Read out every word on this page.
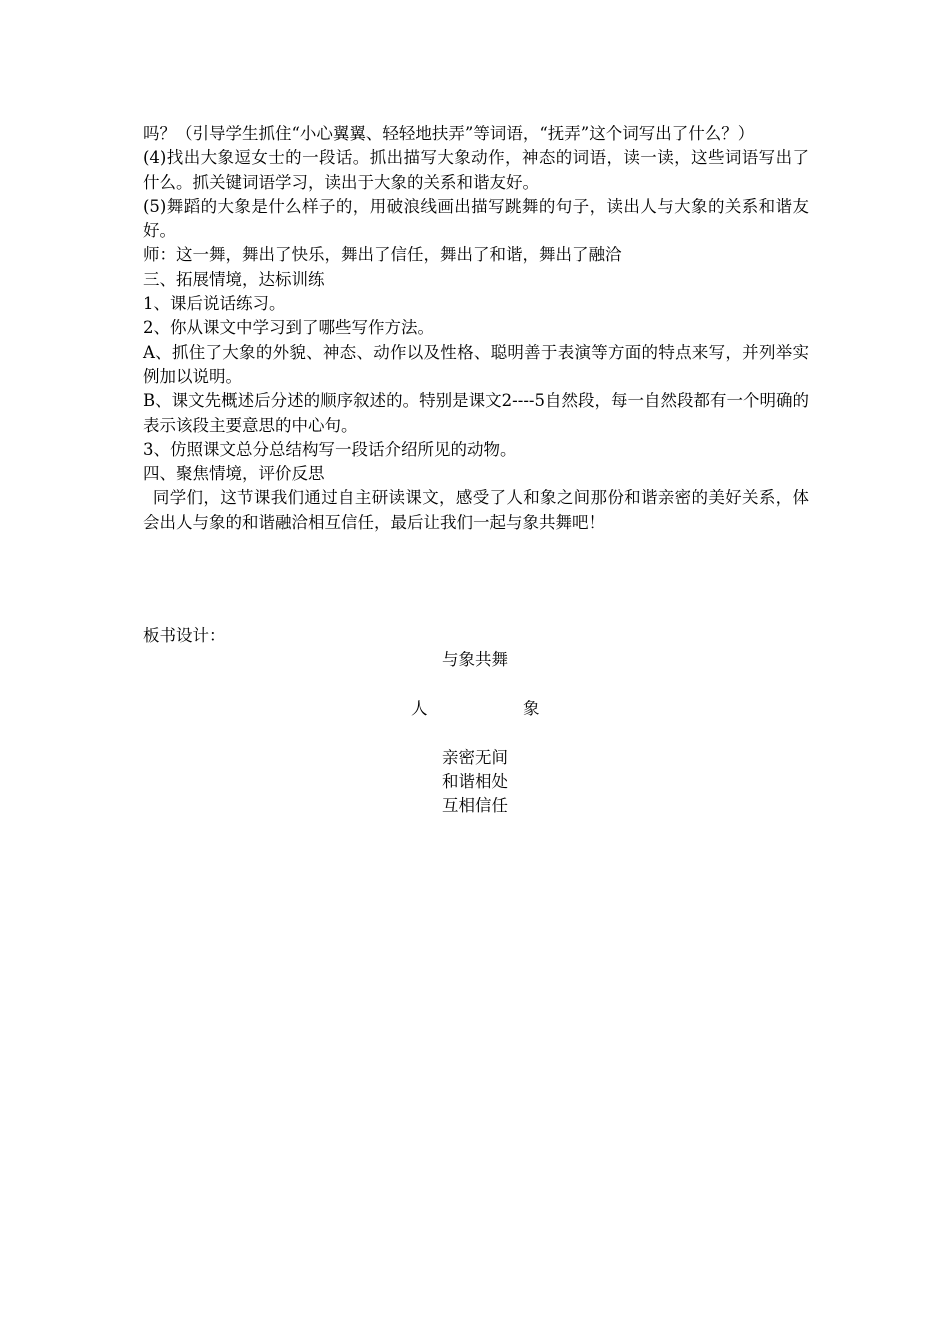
吗？（引导学生抓住“小心翼翼、轻轻地扶弄”等词语，“抚弄”这个词写出了什么？）

(4)找出大象逗女士的一段话。抓出描写大象动作，神态的词语，读一读，这些词语写出了什么。抓关键词语学习，读出于大象的关系和谐友好。

(5)舞蹈的大象是什么样子的，用破浪线画出描写跳舞的句子，读出人与大象的关系和谐友好。

师：这一舞，舞出了快乐，舞出了信任，舞出了和谐，舞出了融洽

三、拓展情境，达标训练

1、课后说话练习。

2、你从课文中学习到了哪些写作方法。

A、抓住了大象的外貌、神态、动作以及性格、聪明善于表演等方面的特点来写，并列举实例加以说明。

B、课文先概述后分述的顺序叙述的。特别是课文2----5自然段，每一自然段都有一个明确的表示该段主要意思的中心句。

3、仿照课文总分总结构写一段话介绍所见的动物。

四、聚焦情境，评价反思

同学们，这节课我们通过自主研读课文，感受了人和象之间那份和谐亲密的美好关系，体会出人与象的和谐融洽相互信任，最后让我们一起与象共舞吧！

板书设计：

与象共舞
人	象
亲密无间
和谐相处
互相信任
